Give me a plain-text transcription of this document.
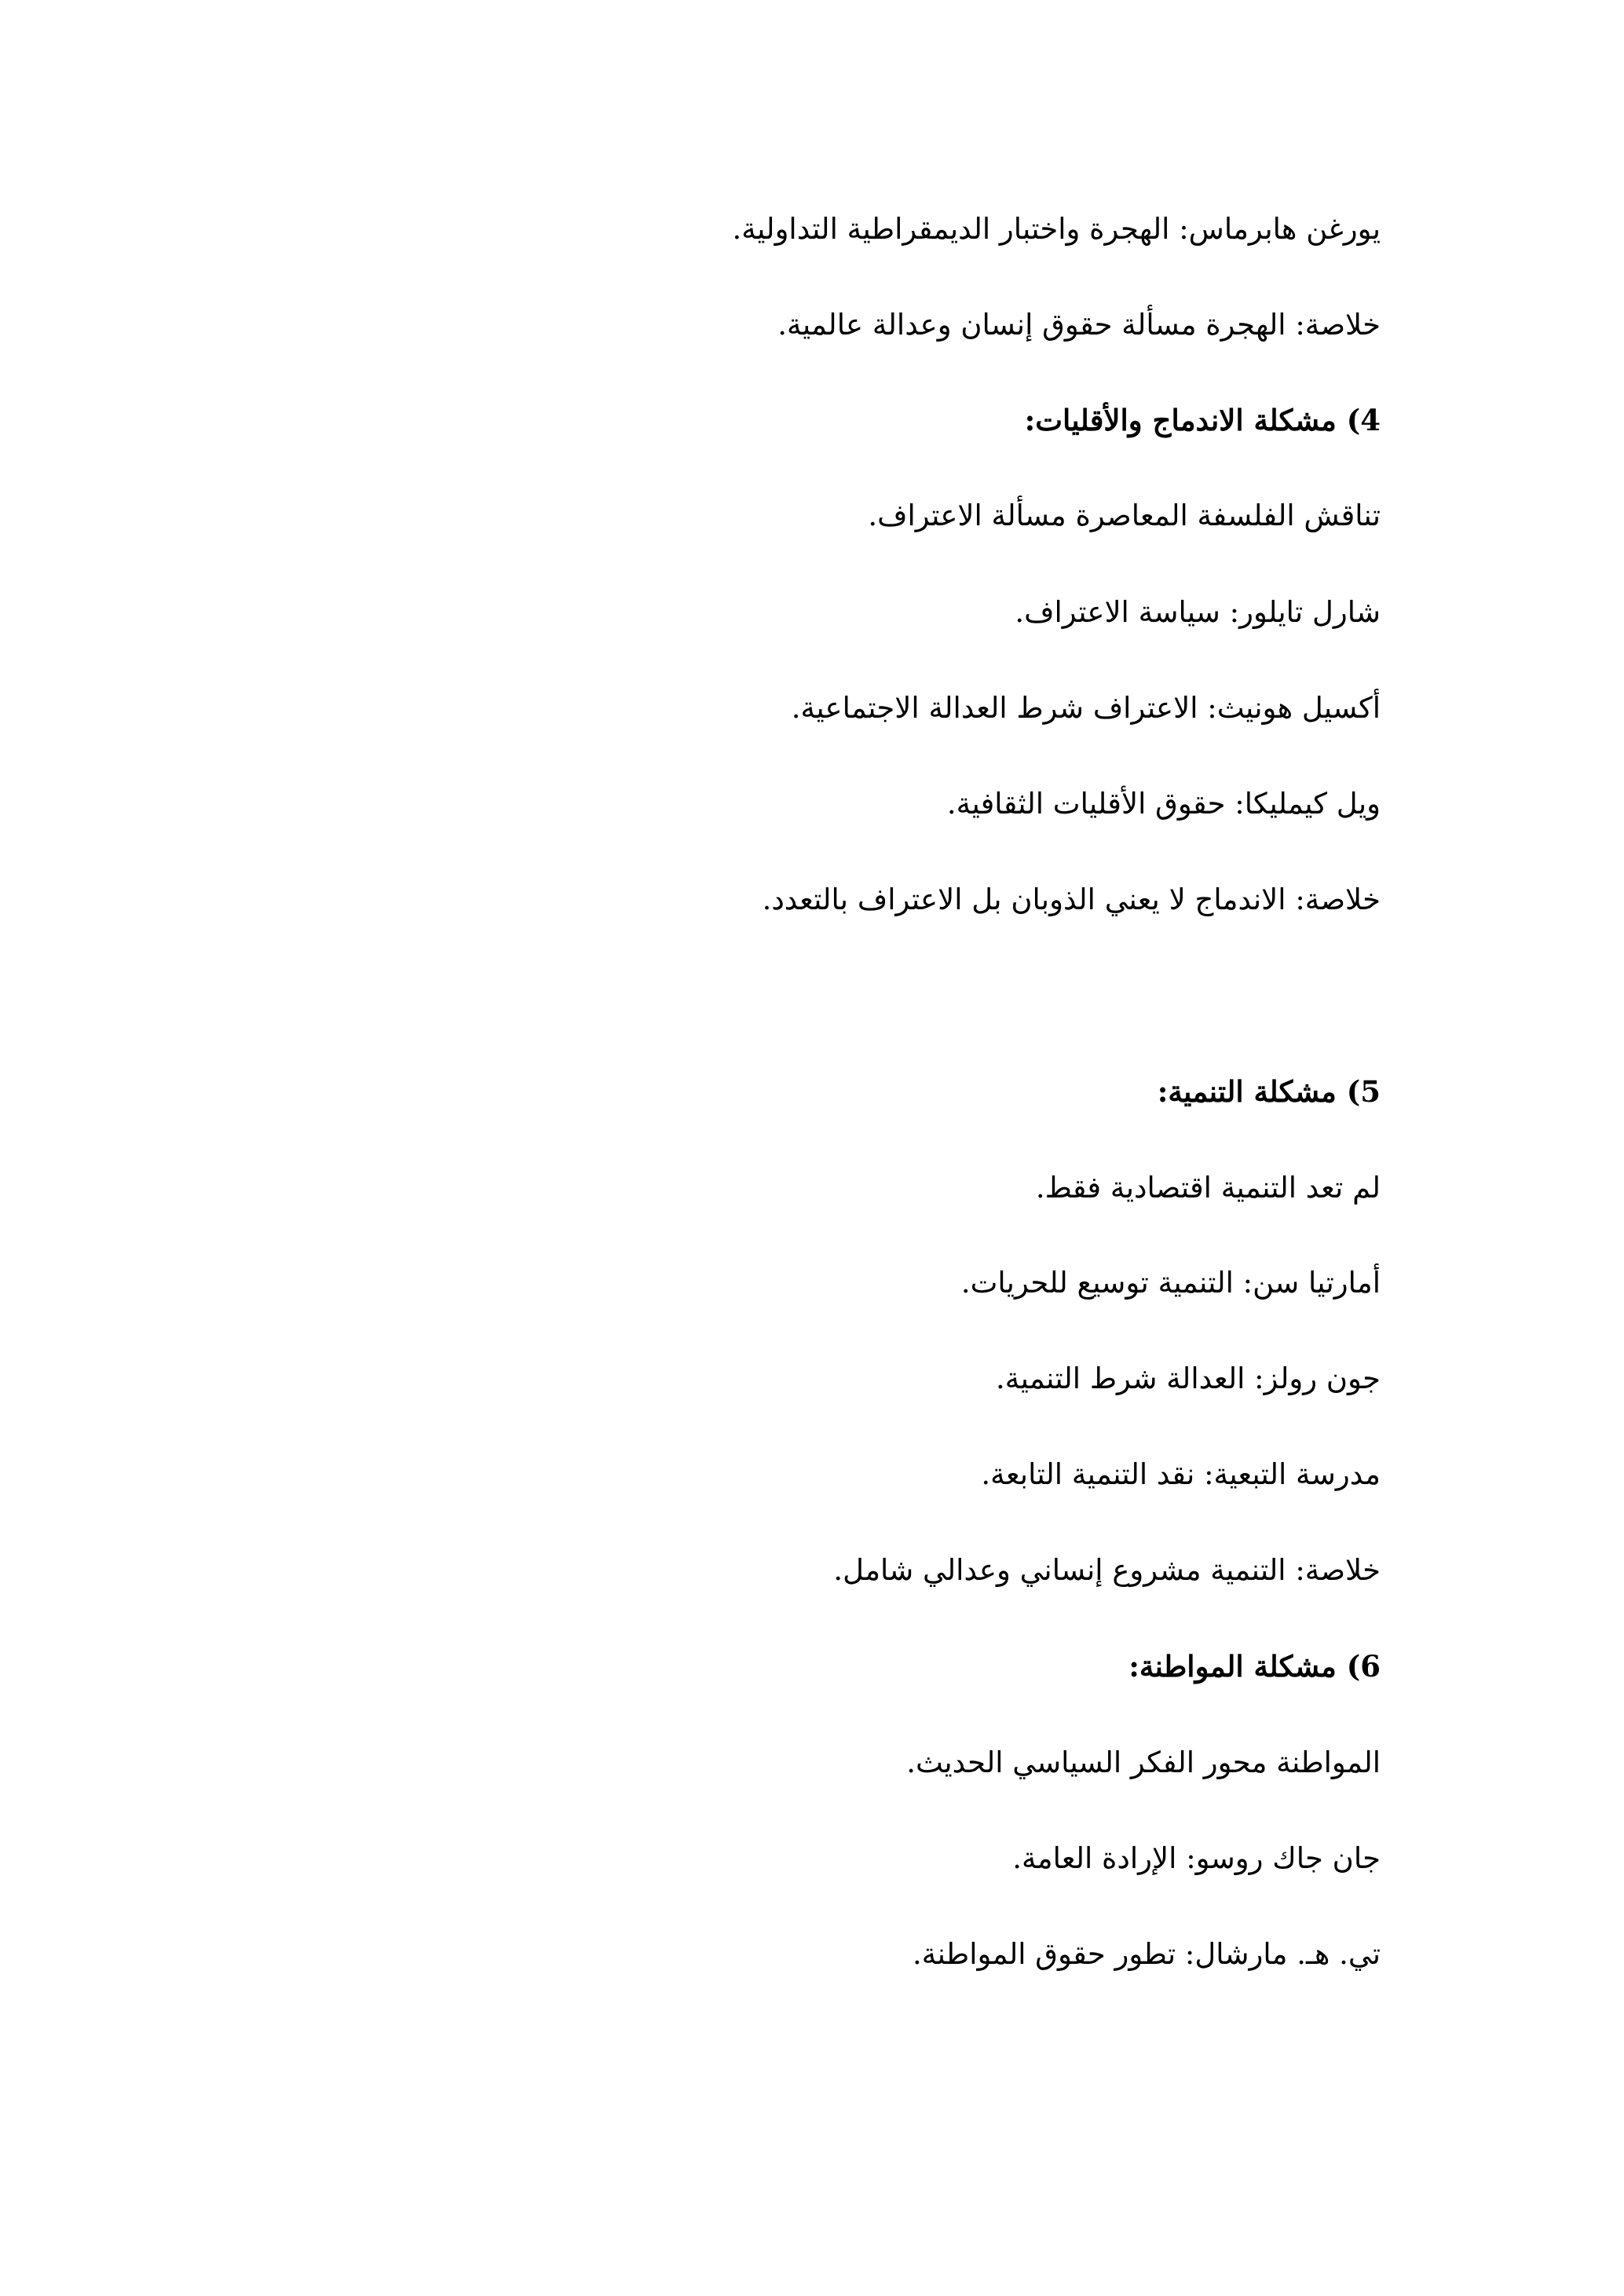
يورغن هابرماس: الهجرة واختبار الديمقراطية التداولية.

خلاصة: الهجرة مسألة حقوق إنسان وعدالة عالمية.

4) مشكلة الاندماج والأقليات:

تناقش الفلسفة المعاصرة مسألة الاعتراف.

شارل تايلور: سياسة الاعتراف.

أكسيل هونيث: الاعتراف شرط العدالة الاجتماعية.

ويل كيمليكا: حقوق الأقليات الثقافية.

خلاصة: الاندماج لا يعني الذوبان بل الاعتراف بالتعدد.

5) مشكلة التنمية:

لم تعد التنمية اقتصادية فقط.

أمارتيا سن: التنمية توسيع للحريات.

جون رولز: العدالة شرط التنمية.

مدرسة التبعية: نقد التنمية التابعة.

خلاصة: التنمية مشروع إنساني وعدالي شامل.

6) مشكلة المواطنة:

المواطنة محور الفكر السياسي الحديث.

جان جاك روسو: الإرادة العامة.

تي. هـ. مارشال: تطور حقوق المواطنة.
